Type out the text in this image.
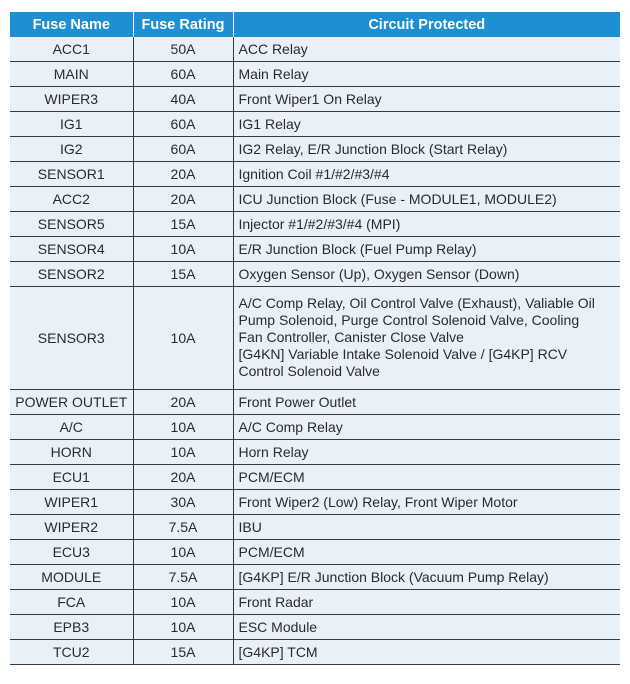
Fuse Name	Fuse Rating	Circuit Protected
ACC1	50A	ACC Relay

MAIN	60A	Main Relay

WIPER3	40A	Front Wiper1 On Relay

IG1	60A	IG1 Relay

IG2	60A	IG2 Relay, E/R Junction Block (Start Relay)

SENSOR1	20A	Ignition Coil #1/#2/#3/#4

ACC2	20A	ICU Junction Block (Fuse - MODULE1, MODULE2)

SENSOR5	15A	Injector #1/#2/#3/#4 (MPI)

SENSOR4	10A	E/R Junction Block (Fuel Pump Relay)

SENSOR2	15A	Oxygen Sensor (Up), Oxygen Sensor (Down)

SENSOR3	10A	A/C Comp Relay, Oil Control Valve (Exhaust), Valiable Oil
Pump Solenoid, Purge Control Solenoid Valve, Cooling
Fan Controller, Canister Close Valve
[G4KN] Variable Intake Solenoid Valve / [G4KP] RCV
Control Solenoid Valve

POWER OUTLET	20A	Front Power Outlet

A/C	10A	A/C Comp Relay

HORN	10A	Horn Relay

ECU1	20A	PCM/ECM

WIPER1	30A	Front Wiper2 (Low) Relay, Front Wiper Motor

WIPER2	7.5A	IBU

ECU3	10A	PCM/ECM

MODULE	7.5A	[G4KP] E/R Junction Block (Vacuum Pump Relay)

FCA	10A	Front Radar

EPB3	10A	ESC Module

TCU2	15A	[G4KP] TCM
